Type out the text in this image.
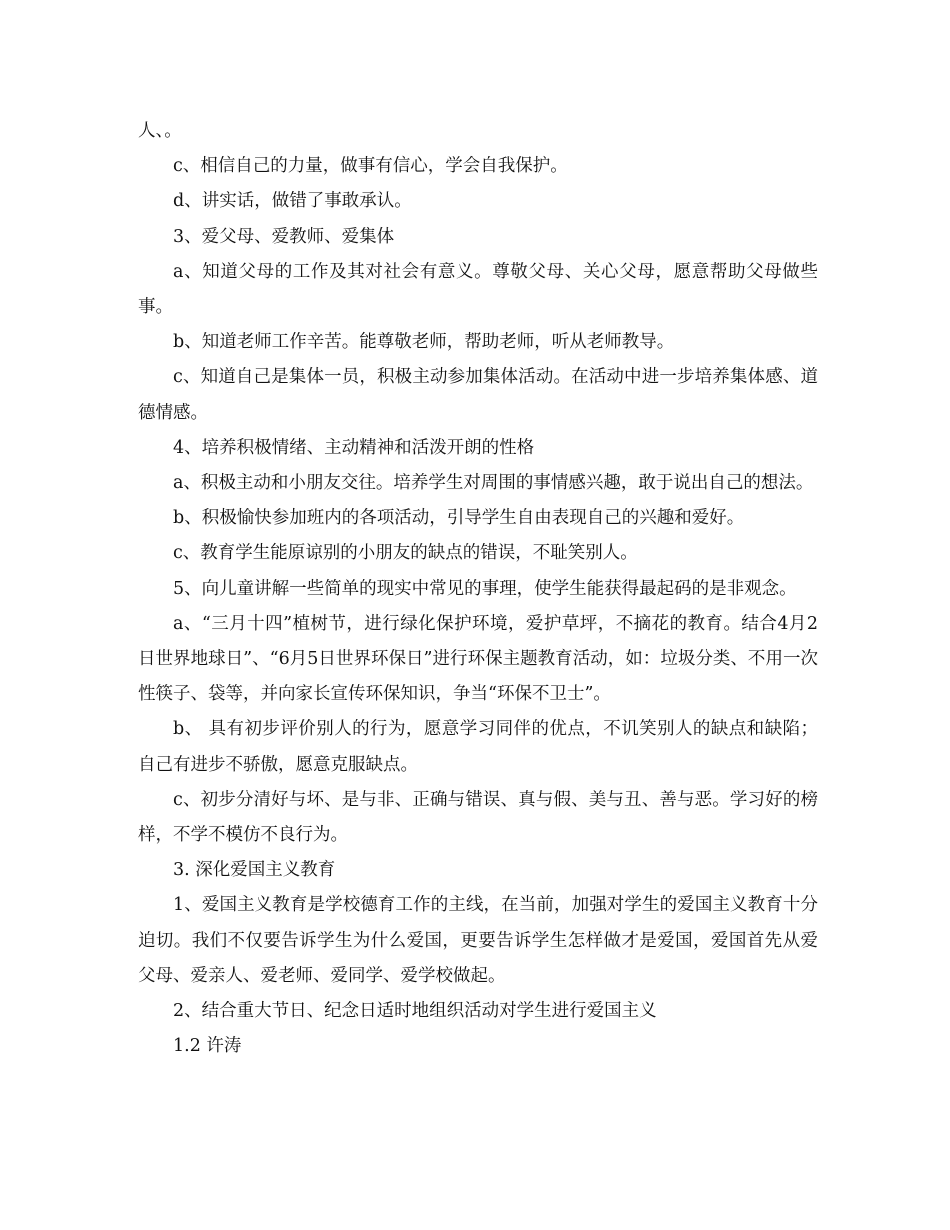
人、。

c、相信自己的力量，做事有信心，学会自我保护。

d、讲实话，做错了事敢承认。

3、爱父母、爱教师、爱集体

a、知道父母的工作及其对社会有意义。尊敬父母、关心父母，愿意帮助父母做些事。

b、知道老师工作辛苦。能尊敬老师，帮助老师，听从老师教导。

c、知道自己是集体一员，积极主动参加集体活动。在活动中进一步培养集体感、道德情感。

4、培养积极情绪、主动精神和活泼开朗的性格

a、积极主动和小朋友交往。培养学生对周围的事情感兴趣，敢于说出自己的想法。

b、积极愉快参加班内的各项活动，引导学生自由表现自己的兴趣和爱好。

c、教育学生能原谅别的小朋友的缺点的错误，不耻笑别人。

5、向儿童讲解一些简单的现实中常见的事理，使学生能获得最起码的是非观念。

a、“三月十四”植树节，进行绿化保护环境，爱护草坪，不摘花的教育。结合4月2日世界地球日”、“6月5日世界环保日”进行环保主题教育活动，如：垃圾分类、不用一次性筷子、袋等，并向家长宣传环保知识，争当“环保不卫士”。

b、 具有初步评价别人的行为，愿意学习同伴的优点，不讥笑别人的缺点和缺陷；自己有进步不骄傲，愿意克服缺点。

c、初步分清好与坏、是与非、正确与错误、真与假、美与丑、善与恶。学习好的榜样，不学不模仿不良行为。

3. 深化爱国主义教育

1、爱国主义教育是学校德育工作的主线，在当前，加强对学生的爱国主义教育十分迫切。我们不仅要告诉学生为什么爱国，更要告诉学生怎样做才是爱国，爱国首先从爱父母、爱亲人、爱老师、爱同学、爱学校做起。

2、结合重大节日、纪念日适时地组织活动对学生进行爱国主义

1.2 许涛
